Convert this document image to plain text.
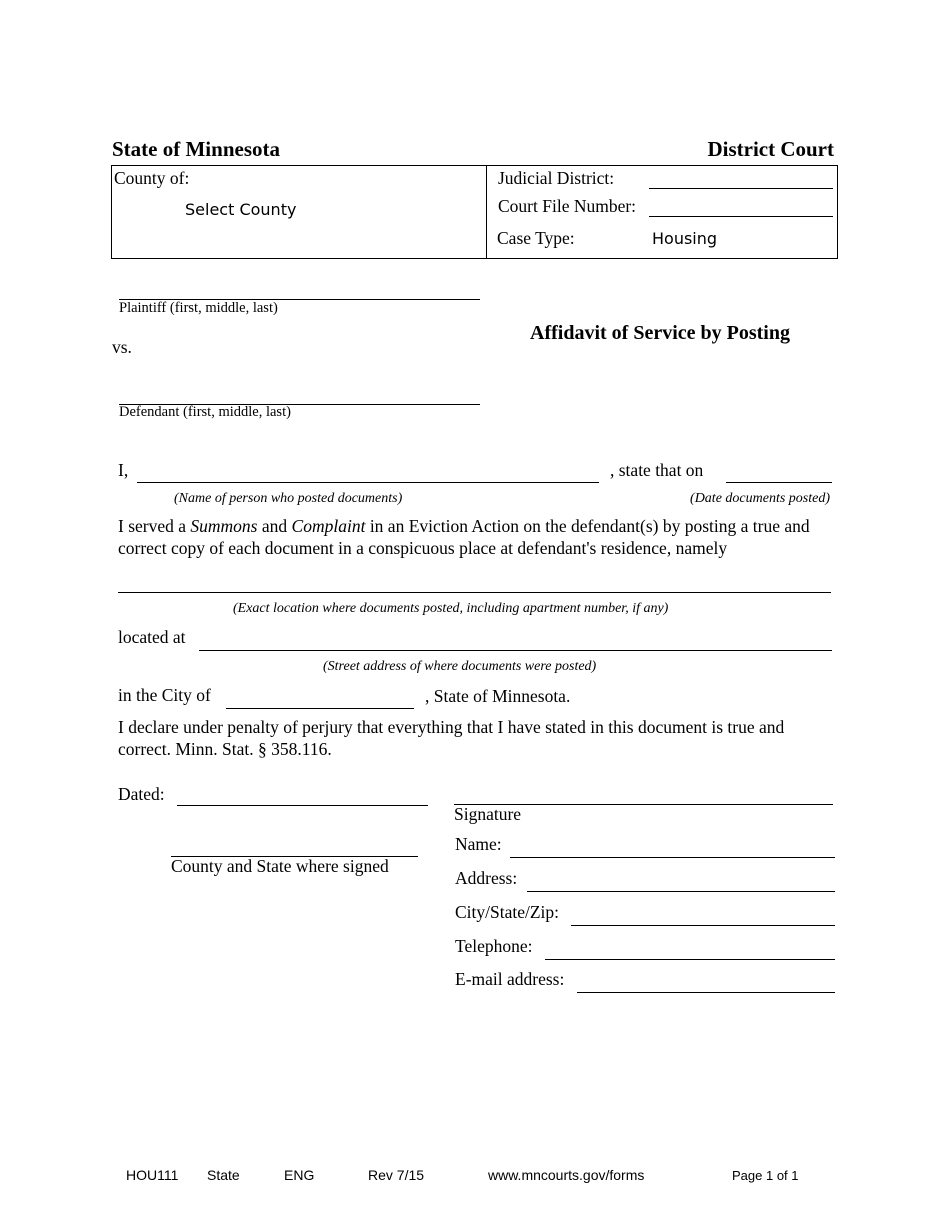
State of Minnesota	District Court
County of:
Select County
Judicial District:
Court File Number:
Case Type:	Housing
Plaintiff (first, middle, last)
vs.
Defendant (first, middle, last)
Affidavit of Service by Posting
I,	, state that on
(Name of person who posted documents)	(Date documents posted)
I served a Summons and Complaint in an Eviction Action on the defendant(s) by posting a true and correct copy of each document in a conspicuous place at defendant's residence, namely
(Exact location where documents posted, including apartment number, if any)
located at
(Street address of where documents were posted)
in the City of	, State of Minnesota.
I declare under penalty of perjury that everything that I have stated in this document is true and correct. Minn. Stat. § 358.116.
Dated:
County and State where signed
Signature
Name:
Address:
City/State/Zip:
Telephone:
E-mail address:
HOU111 State	ENG	Rev 7/15	www.mncourts.gov/forms	Page 1 of 1
